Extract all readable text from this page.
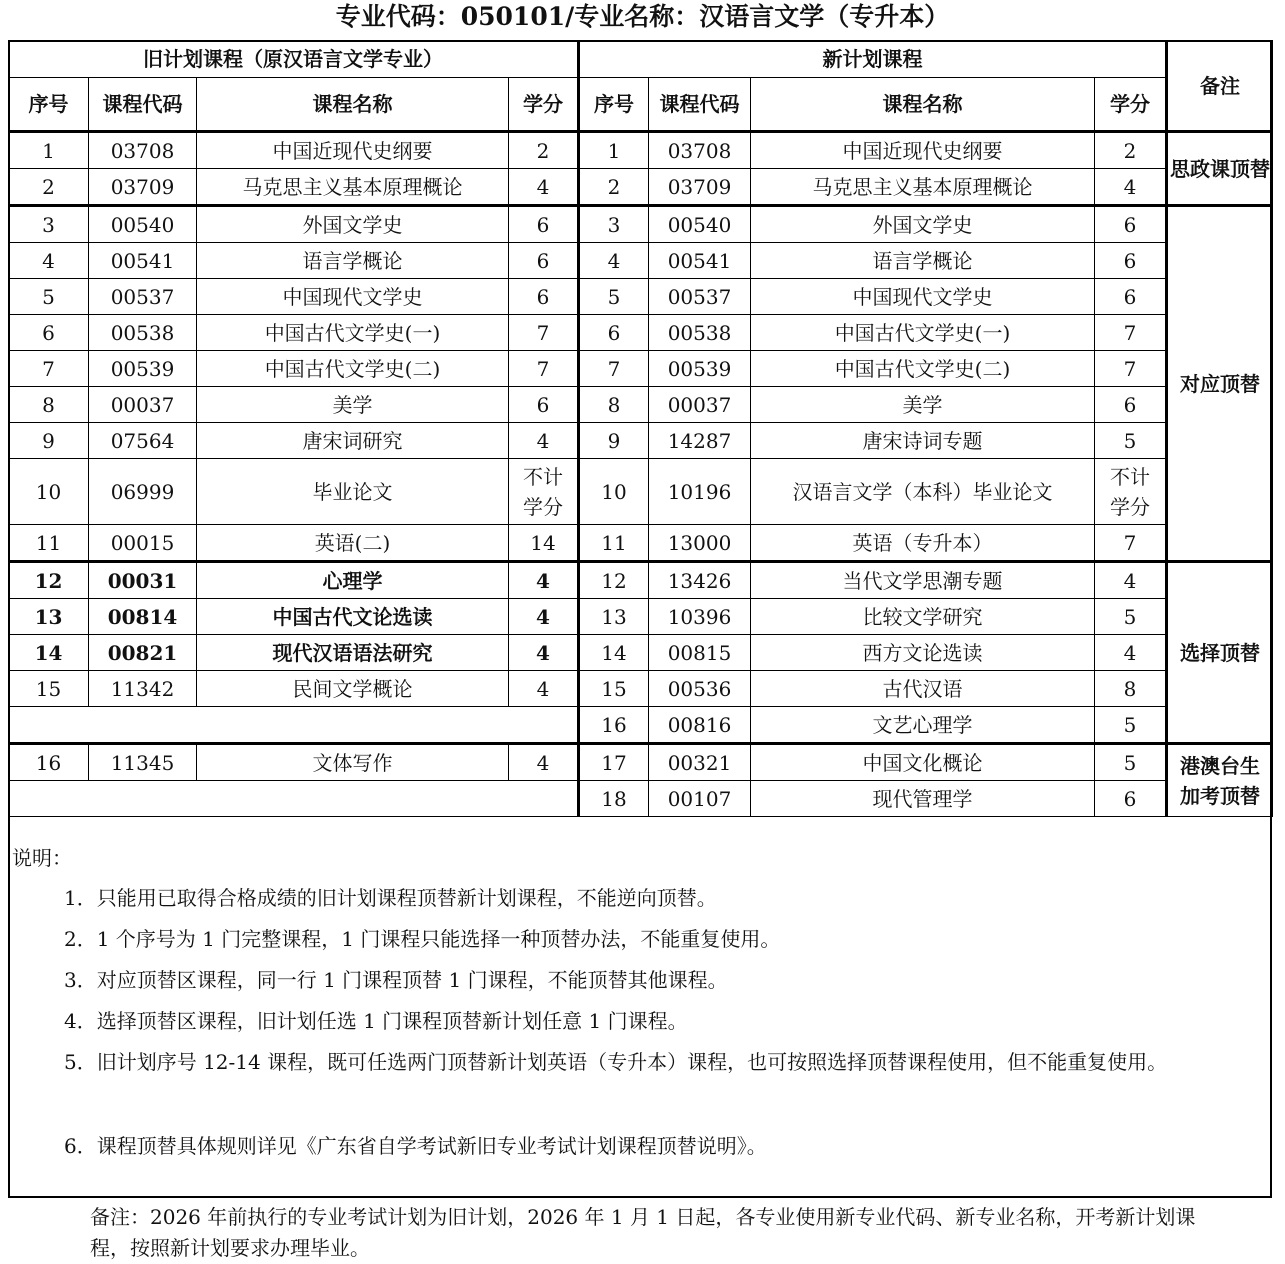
专业代码：050101/专业名称：汉语言文学（专升本）
旧计划课程（原汉语言文学专业）				新计划课程				备注
序号	课程代码	课程名称	学分	序号	课程代码	课程名称	学分	
1	03708	中国近现代史纲要	2	1	03708	中国近现代史纲要	2	思政课顶替
2	03709	马克思主义基本原理概论	4	2	03709	马克思主义基本原理概论	4	
3	00540	外国文学史	6	3	00540	外国文学史	6	对应顶替
4	00541	语言学概论	6	4	00541	语言学概论	6	
5	00537	中国现代文学史	6	5	00537	中国现代文学史	6	
6	00538	中国古代文学史(一)	7	6	00538	中国古代文学史(一)	7	
7	00539	中国古代文学史(二)	7	7	00539	中国古代文学史(二)	7	
8	00037	美学	6	8	00037	美学	6	
9	07564	唐宋词研究	4	9	14287	唐宋诗词专题	5	
10	06999	毕业论文	不计学分	10	10196	汉语言文学（本科）毕业论文	不计学分	
11	00015	英语(二)	14	11	13000	英语（专升本）	7	
12	00031	心理学	4	12	13426	当代文学思潮专题	4	选择顶替
13	00814	中国古代文论选读	4	13	10396	比较文学研究	5	
14	00821	现代汉语语法研究	4	14	00815	西方文论选读	4	
15	11342	民间文学概论	4	15	00536	古代汉语	8	
				16	00816	文艺心理学	5	
16	11345	文体写作	4	17	00321	中国文化概论	5	港澳台生加考顶替
				18	00107	现代管理学	6	
说明：

1．只能用已取得合格成绩的旧计划课程顶替新计划课程，不能逆向顶替。

2．1 个序号为 1 门完整课程，1 门课程只能选择一种顶替办法，不能重复使用。

3．对应顶替区课程，同一行 1 门课程顶替 1 门课程，不能顶替其他课程。

4．选择顶替区课程，旧计划任选 1 门课程顶替新计划任意 1 门课程。

5．旧计划序号 12-14 课程，既可任选两门顶替新计划英语（专升本）课程，也可按照选择顶替课程使用，但不能重复使用。

6．课程顶替具体规则详见《广东省自学考试新旧专业考试计划课程顶替说明》。

备注：2026 年前执行的专业考试计划为旧计划，2026 年 1 月 1 日起，各专业使用新专业代码、新专业名称，开考新计划课程，按照新计划要求办理毕业。
